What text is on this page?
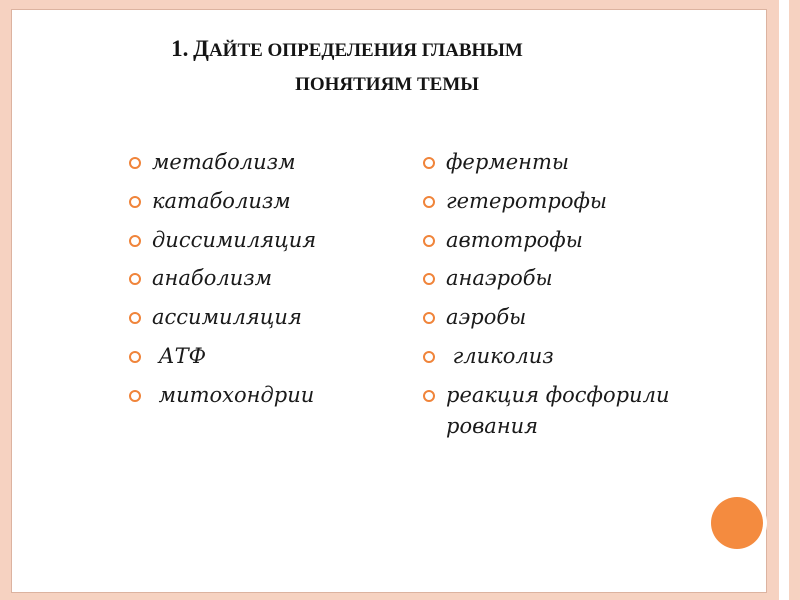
1. ДАЙТЕ ОПРЕДЕЛЕНИЯ ГЛАВНЫМ
ПОНЯТИЯМ ТЕМЫ
метаболизм
катаболизм
диссимиляция
анаболизм
ассимиляция
АТФ
митохондрии
ферменты
гетеротрофы
автотрофы
анаэробы
аэробы
гликолиз
реакция фосфорилирования
